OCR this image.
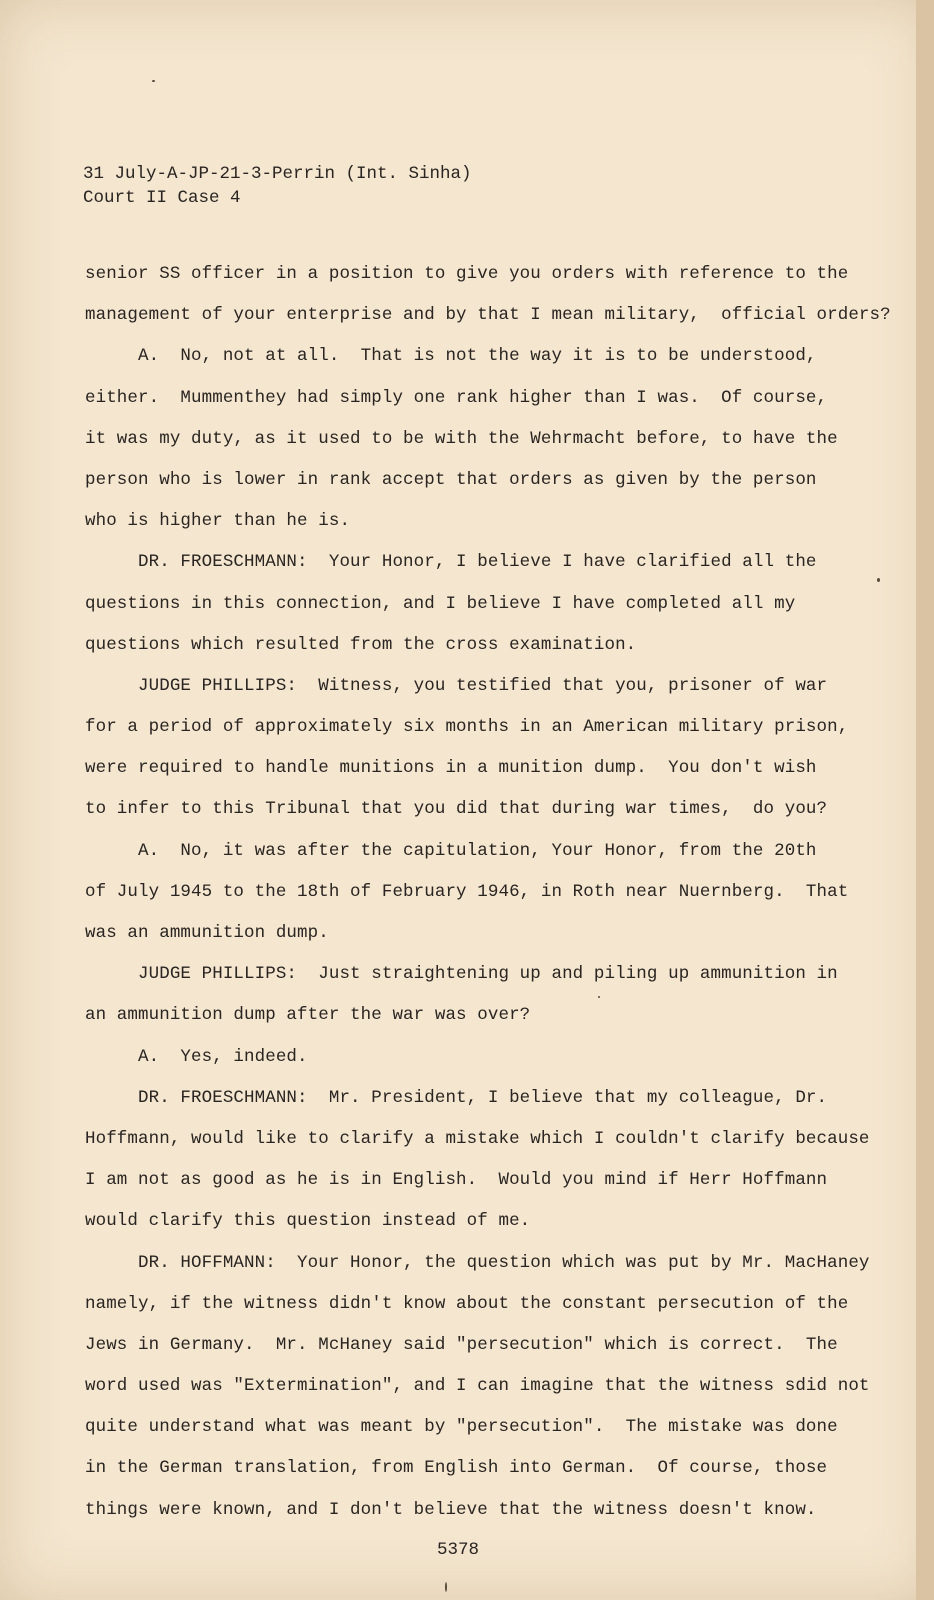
31 July-A-JP-21-3-Perrin (Int. Sinha)
Court II Case 4
senior SS officer in a position to give you orders with reference to the
management of your enterprise and by that I mean military,  official orders?
A.  No, not at all.  That is not the way it is to be understood,
either.  Mummenthey had simply one rank higher than I was.  Of course,
it was my duty, as it used to be with the Wehrmacht before, to have the
person who is lower in rank accept that orders as given by the person
who is higher than he is.
DR. FROESCHMANN:  Your Honor, I believe I have clarified all the
questions in this connection, and I believe I have completed all my
questions which resulted from the cross examination.
JUDGE PHILLIPS:  Witness, you testified that you, prisoner of war
for a period of approximately six months in an American military prison,
were required to handle munitions in a munition dump.  You don't wish
to infer to this Tribunal that you did that during war times,  do you?
A.  No, it was after the capitulation, Your Honor, from the 20th
of July 1945 to the 18th of February 1946, in Roth near Nuernberg.  That
was an ammunition dump.
JUDGE PHILLIPS:  Just straightening up and piling up ammunition in
an ammunition dump after the war was over?
A.  Yes, indeed.
DR. FROESCHMANN:  Mr. President, I believe that my colleague, Dr.
Hoffmann, would like to clarify a mistake which I couldn't clarify because
I am not as good as he is in English.  Would you mind if Herr Hoffmann
would clarify this question instead of me.
DR. HOFFMANN:  Your Honor, the question which was put by Mr. MacHaney
namely, if the witness didn't know about the constant persecution of the
Jews in Germany.  Mr. McHaney said "persecution" which is correct.  The
word used was "Extermination", and I can imagine that the witness sdid not
quite understand what was meant by "persecution".  The mistake was done
in the German translation, from English into German.  Of course, those
things were known, and I don't believe that the witness doesn't know.
5378
